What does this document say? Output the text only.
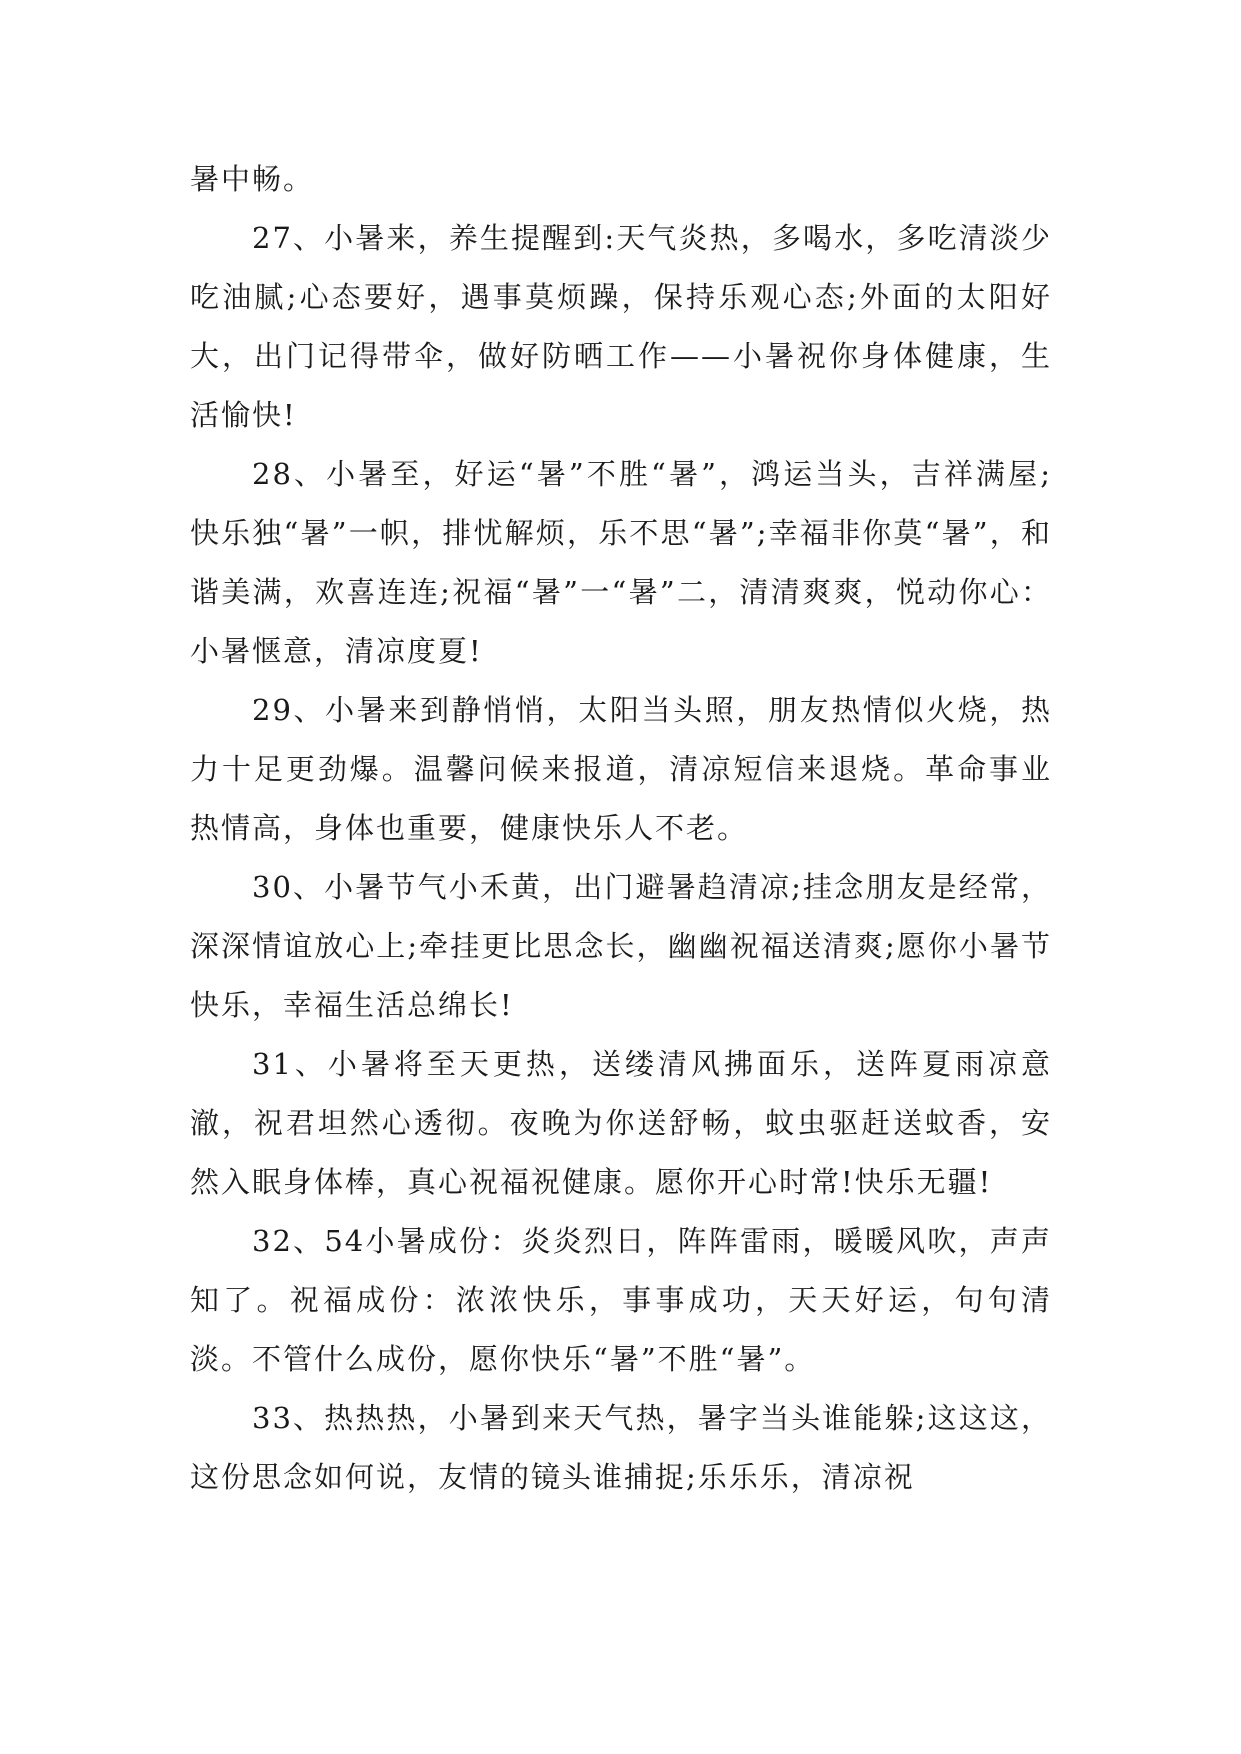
暑中畅。

27、小暑来，养生提醒到:天气炎热，多喝水，多吃清淡少吃油腻;心态要好，遇事莫烦躁，保持乐观心态;外面的太阳好大，出门记得带伞，做好防晒工作——小暑祝你身体健康，生活愉快!

28、小暑至，好运“暑”不胜“暑”，鸿运当头，吉祥满屋;快乐独“暑”一帜，排忧解烦，乐不思“暑”;幸福非你莫“暑”，和谐美满，欢喜连连;祝福“暑”一“暑”二，清清爽爽，悦动你心：小暑惬意，清凉度夏!

29、小暑来到静悄悄，太阳当头照，朋友热情似火烧，热力十足更劲爆。温馨问候来报道，清凉短信来退烧。革命事业热情高，身体也重要，健康快乐人不老。

30、小暑节气小禾黄，出门避暑趋清凉;挂念朋友是经常，深深情谊放心上;牵挂更比思念长，幽幽祝福送清爽;愿你小暑节快乐，幸福生活总绵长!

31、小暑将至天更热，送缕清风拂面乐，送阵夏雨凉意澈，祝君坦然心透彻。夜晚为你送舒畅，蚊虫驱赶送蚊香，安然入眠身体棒，真心祝福祝健康。愿你开心时常!快乐无疆!

32、54小暑成份：炎炎烈日，阵阵雷雨，暖暖风吹，声声知了。祝福成份：浓浓快乐，事事成功，天天好运，句句清淡。不管什么成份，愿你快乐“暑”不胜“暑”。

33、热热热，小暑到来天气热，暑字当头谁能躲;这这这，这份思念如何说，友情的镜头谁捕捉;乐乐乐，清凉祝
